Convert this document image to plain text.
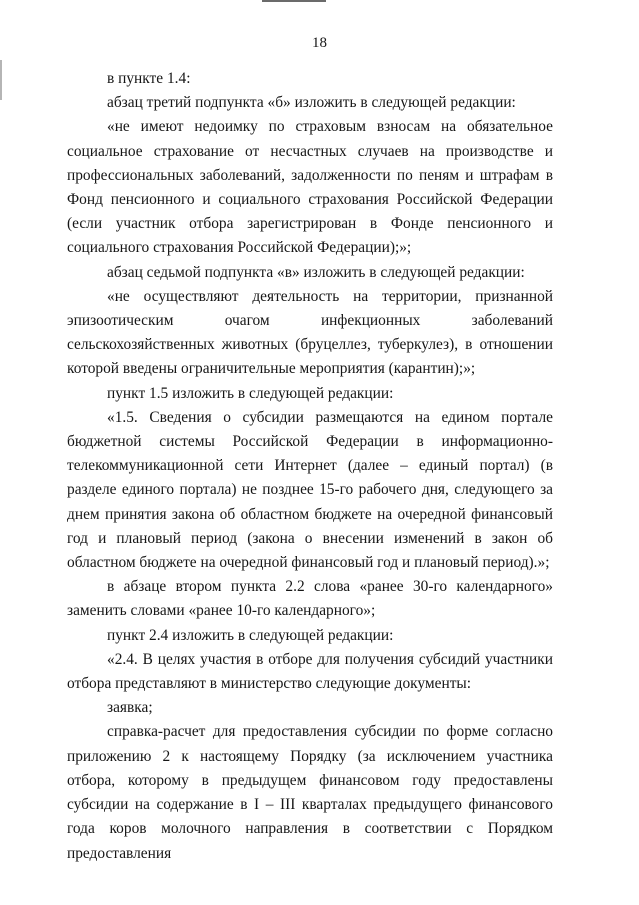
18

в пункте 1.4:

абзац третий подпункта «б» изложить в следующей редакции:

«не имеют недоимку по страховым взносам на обязательное социальное страхование от несчастных случаев на производстве и профессиональных заболеваний, задолженности по пеням и штрафам в Фонд пенсионного и социального страхования Российской Федерации (если участник отбора зарегистрирован в Фонде пенсионного и социального страхования Российской Федерации);»;

абзац седьмой подпункта «в» изложить в следующей редакции:

«не осуществляют деятельность на территории, признанной эпизоотическим очагом инфекционных заболеваний сельскохозяйственных животных (бруцеллез, туберкулез), в отношении которой введены ограничительные мероприятия (карантин);»;

пункт 1.5 изложить в следующей редакции:

«1.5. Сведения о субсидии размещаются на едином портале бюджетной системы Российской Федерации в информационно-телекоммуникационной сети Интернет (далее – единый портал) (в разделе единого портала) не позднее 15-го рабочего дня, следующего за днем принятия закона об областном бюджете на очередной финансовый год и плановый период (закона о внесении изменений в закон об областном бюджете на очередной финансовый год и плановый период).»;

в абзаце втором пункта 2.2 слова «ранее 30-го календарного» заменить словами «ранее 10-го календарного»;

пункт 2.4 изложить в следующей редакции:

«2.4. В целях участия в отборе для получения субсидий участники отбора представляют в министерство следующие документы:

заявка;

справка-расчет для предоставления субсидии по форме согласно приложению 2 к настоящему Порядку (за исключением участника отбора, которому в предыдущем финансовом году предоставлены субсидии на содержание в I – III кварталах предыдущего финансового года коров молочного направления в соответствии с Порядком предоставления
